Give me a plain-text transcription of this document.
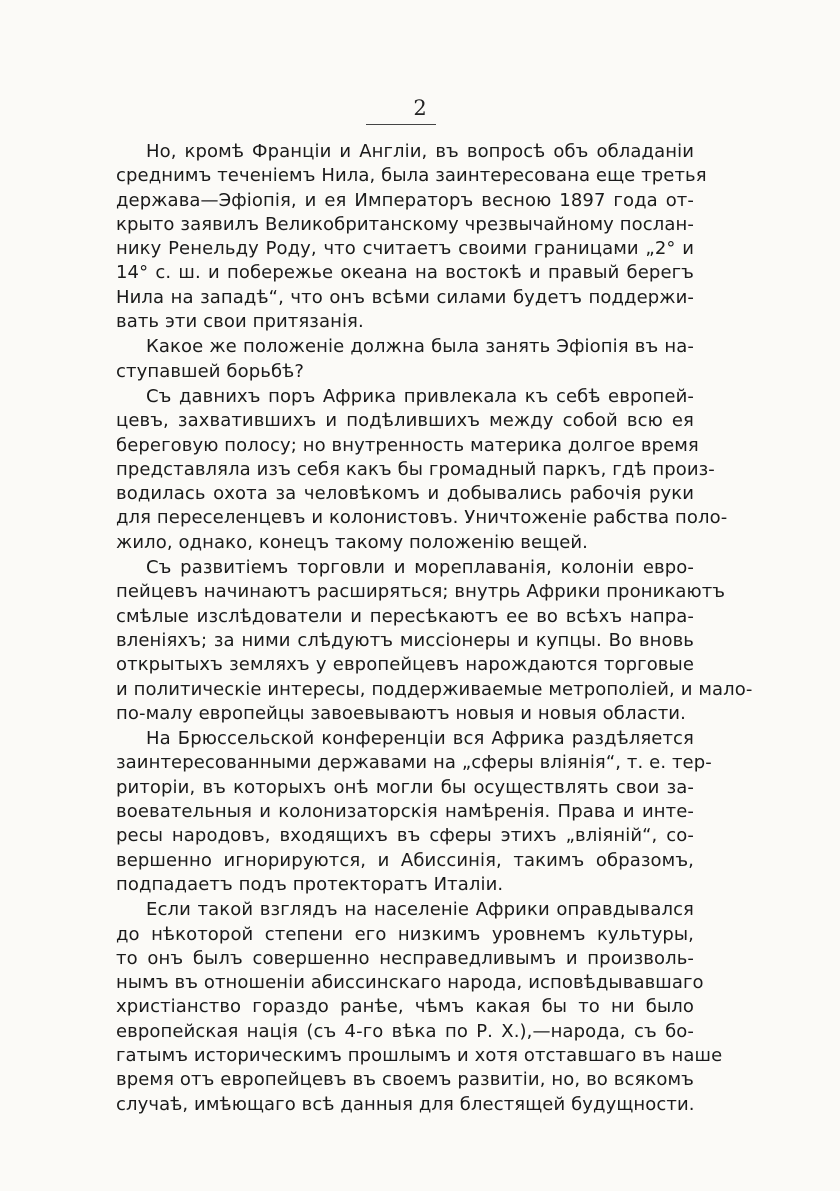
2
Но, кромѣ Франціи и Англіи, въ вопросѣ объ обладаніи
среднимъ теченіемъ Нила, была заинтересована еще третья
держава—Эфіопія, и ея Императоръ весною 1897 года от-
крыто заявилъ Великобританскому чрезвычайному послан-
нику Ренельду Роду, что считаетъ своими границами „2° и
14° с. ш. и побережье океана на востокѣ и правый берегъ
Нила на западѣ“, что онъ всѣми силами будетъ поддержи-
вать эти свои притязанія.
Какое же положеніе должна была занять Эфіопія въ на-
ступавшей борьбѣ?
Съ давнихъ поръ Африка привлекала къ себѣ европей-
цевъ, захватившихъ и подѣлившихъ между собой всю ея
береговую полосу; но внутренность материка долгое время
представляла изъ себя какъ бы громадный паркъ, гдѣ произ-
водилась охота за человѣкомъ и добывались рабочія руки
для переселенцевъ и колонистовъ. Уничтоженіе рабства поло-
жило, однако, конецъ такому положенію вещей.
Съ развитіемъ торговли и мореплаванія, колоніи евро-
пейцевъ начинаютъ расширяться; внутрь Африки проникаютъ
смѣлые изслѣдователи и пересѣкаютъ ее во всѣхъ напра-
вленіяхъ; за ними слѣдуютъ миссіонеры и купцы. Во вновь
открытыхъ земляхъ у европейцевъ нарождаются торговые
и политическіе интересы, поддерживаемые метрополіей, и мало-
по-малу европейцы завоевываютъ новыя и новыя области.
На Брюссельской конференціи вся Африка раздѣляется
заинтересованными державами на „сферы вліянія“, т. е. тер-
риторіи, въ которыхъ онѣ могли бы осуществлять свои за-
воевательныя и колонизаторскія намѣренія. Права и инте-
ресы народовъ, входящихъ въ сферы этихъ „вліяній“, со-
вершенно игнорируются, и Абиссинія, такимъ образомъ,
подпадаетъ подъ протекторатъ Италіи.
Если такой взглядъ на населеніе Африки оправдывался
до нѣкоторой степени его низкимъ уровнемъ культуры,
то онъ былъ совершенно несправедливымъ и произволь-
нымъ въ отношеніи абиссинскаго народа, исповѣдывавшаго
христіанство гораздо ранѣе, чѣмъ какая бы то ни было
европейская нація (съ 4-го вѣка по Р. Х.),—народа, съ бо-
гатымъ историческимъ прошлымъ и хотя отставшаго въ наше
время отъ европейцевъ въ своемъ развитіи, но, во всякомъ
случаѣ, имѣющаго всѣ данныя для блестящей будущности.
